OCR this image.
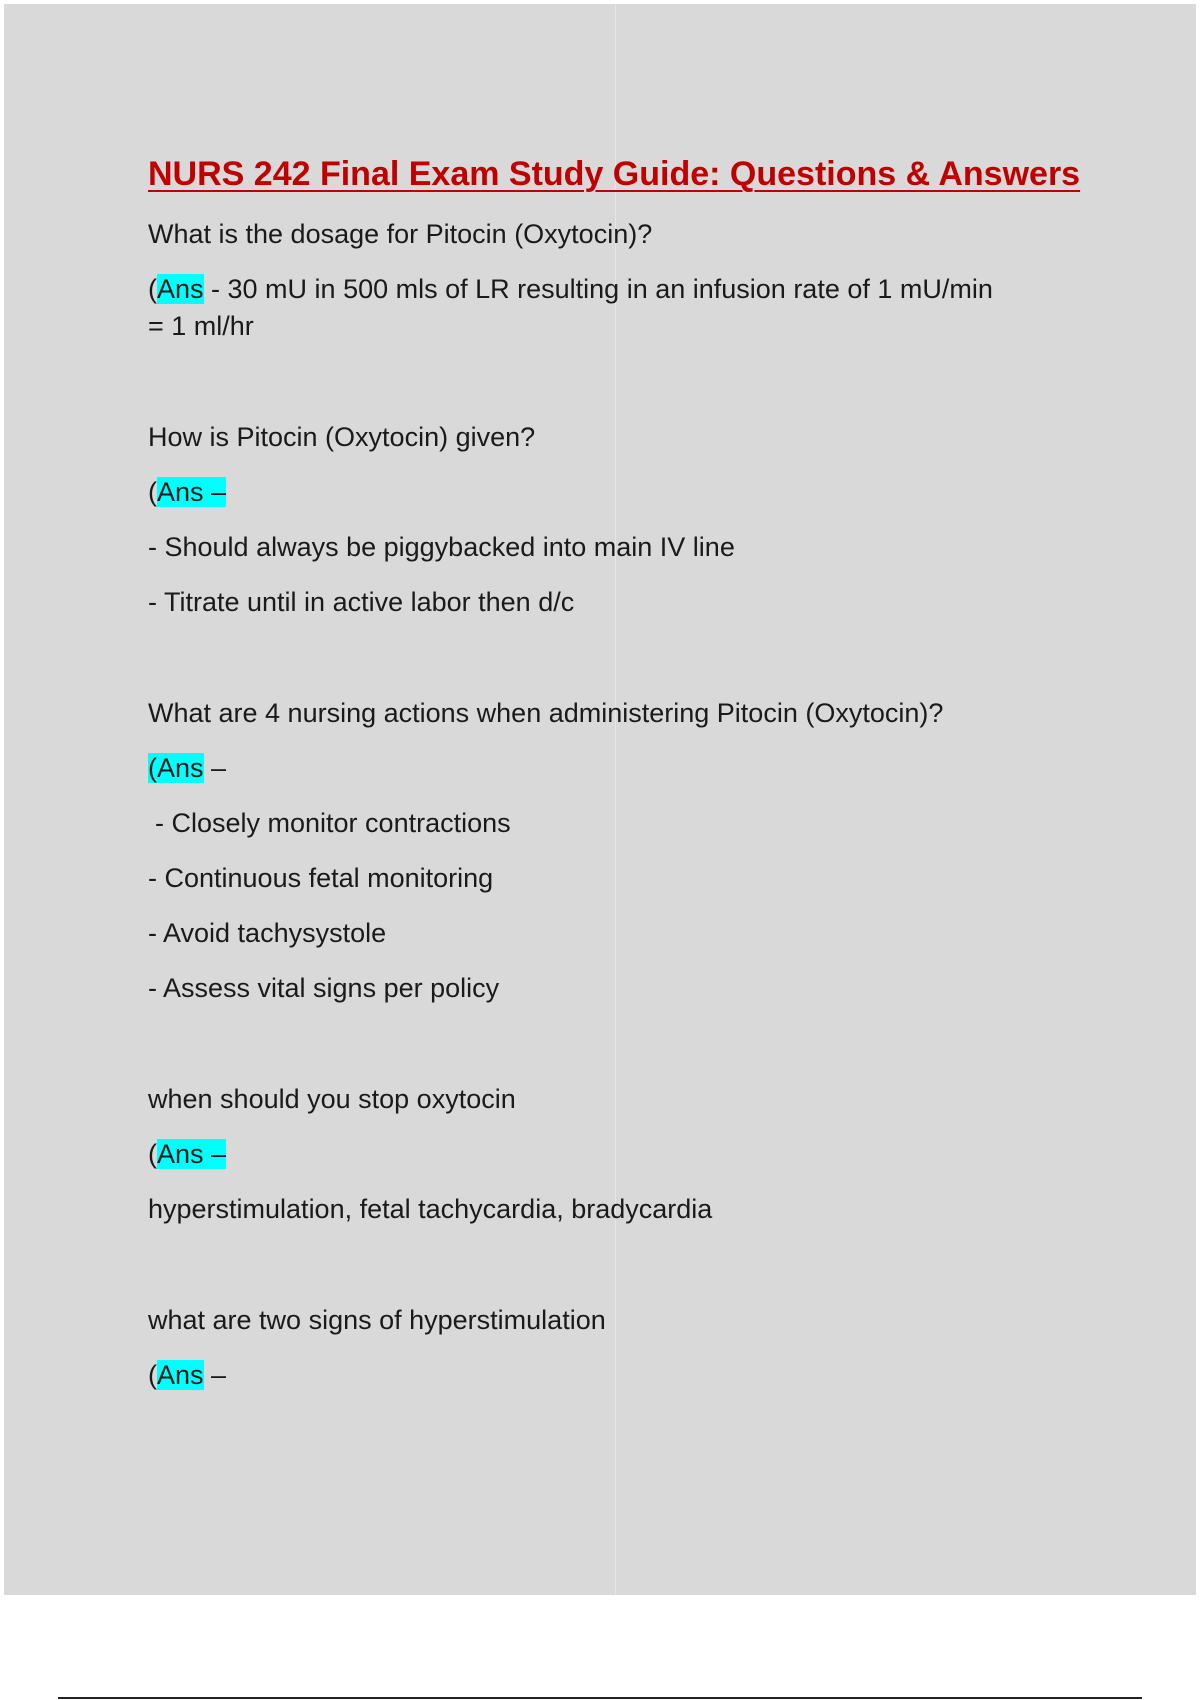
NURS 242 Final Exam Study Guide: Questions & Answers
What is the dosage for Pitocin (Oxytocin)?
(Ans - 30 mU in 500 mls of LR resulting in an infusion rate of 1 mU/min
= 1 ml/hr
How is Pitocin (Oxytocin) given?
(Ans –
- Should always be piggybacked into main IV line
- Titrate until in active labor then d/c
What are 4 nursing actions when administering Pitocin (Oxytocin)?
(Ans –
- Closely monitor contractions
- Continuous fetal monitoring
- Avoid tachysystole
- Assess vital signs per policy
when should you stop oxytocin
(Ans –
hyperstimulation, fetal tachycardia, bradycardia
what are two signs of hyperstimulation
(Ans –
